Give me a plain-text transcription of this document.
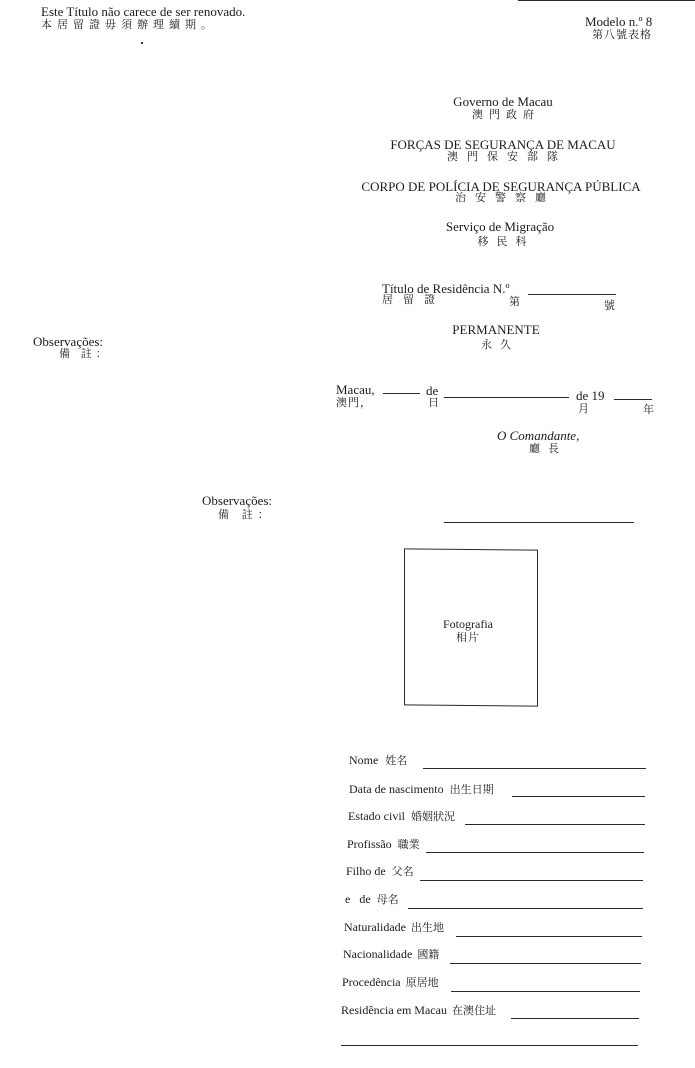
Este Título não carece de ser renovado.
本居留證毋須辦理續期。	Modelo n.º 8
第八號表格
Governo de Macau
澳門政府
FORÇAS DE SEGURANÇA DE MACAU
澳門保安部隊
CORPO DE POLÍCIA DE SEGURANÇA PÚBLICA
治安警察廳
Serviço de Migração
移民科
Título de Residência N.º
居留證	第	號
PERMANENTE
永久
Observações:
備 註：
Macau,	de	de 19
澳門，	日	月	年
O Comandante,
廳長
Observações:
備 註：
Fotografia
相片
Nome 姓名
Data de nascimento 出生日期
Estado civil 婚姻狀況
Profissão 職業
Filho de 父名
e   de 母名
Naturalidade 出生地
Nacionalidade 國籍
Procedência 原居地
Residência em Macau 在澳住址
